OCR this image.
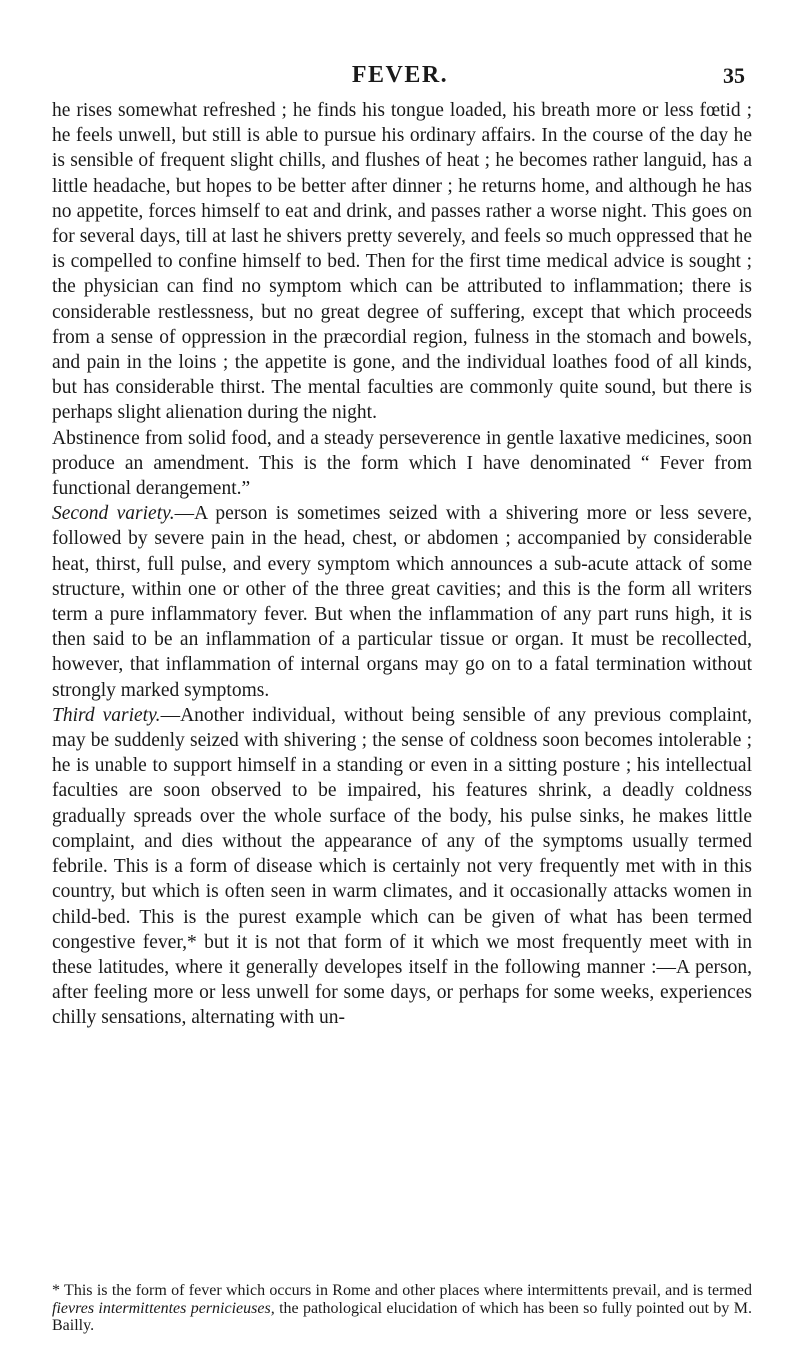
FEVER.	35

he rises somewhat refreshed ; he finds his tongue loaded, his breath more or less fœtid ; he feels unwell, but still is able to pursue his ordinary affairs. In the course of the day he is sensible of frequent slight chills, and flushes of heat ; he becomes rather languid, has a little headache, but hopes to be better after dinner ; he returns home, and although he has no appetite, forces himself to eat and drink, and passes rather a worse night. This goes on for several days, till at last he shivers pretty severely, and feels so much oppressed that he is compelled to confine himself to bed. Then for the first time medical advice is sought ; the physician can find no symptom which can be attributed to inflammation; there is considerable restlessness, but no great degree of suffering, except that which proceeds from a sense of oppression in the præcordial region, fulness in the stomach and bowels, and pain in the loins ; the appetite is gone, and the individual loathes food of all kinds, but has considerable thirst. The mental faculties are commonly quite sound, but there is perhaps slight alienation during the night.

Abstinence from solid food, and a steady perseverence in gentle laxative medicines, soon produce an amendment. This is the form which I have denominated “ Fever from functional derangement.”

Second variety.—A person is sometimes seized with a shivering more or less severe, followed by severe pain in the head, chest, or abdomen ; accompanied by considerable heat, thirst, full pulse, and every symptom which announces a sub-acute attack of some structure, within one or other of the three great cavities; and this is the form all writers term a pure inflammatory fever. But when the inflammation of any part runs high, it is then said to be an inflammation of a particular tissue or organ. It must be recollected, however, that inflammation of internal organs may go on to a fatal termination without strongly marked symptoms.

Third variety.—Another individual, without being sensible of any previous complaint, may be suddenly seized with shivering ; the sense of coldness soon becomes intolerable ; he is unable to support himself in a standing or even in a sitting posture ; his intellectual faculties are soon observed to be impaired, his features shrink, a deadly coldness gradually spreads over the whole surface of the body, his pulse sinks, he makes little complaint, and dies without the appearance of any of the symptoms usually termed febrile. This is a form of disease which is certainly not very frequently met with in this country, but which is often seen in warm climates, and it occasionally attacks women in child-bed. This is the purest example which can be given of what has been termed congestive fever,* but it is not that form of it which we most frequently meet with in these latitudes, where it generally developes itself in the following manner :—A person, after feeling more or less unwell for some days, or perhaps for some weeks, experiences chilly sensations, alternating with un-

* This is the form of fever which occurs in Rome and other places where intermittents prevail, and is termed fievres intermittentes pernicieuses, the pathological elucidation of which has been so fully pointed out by M. Bailly.
